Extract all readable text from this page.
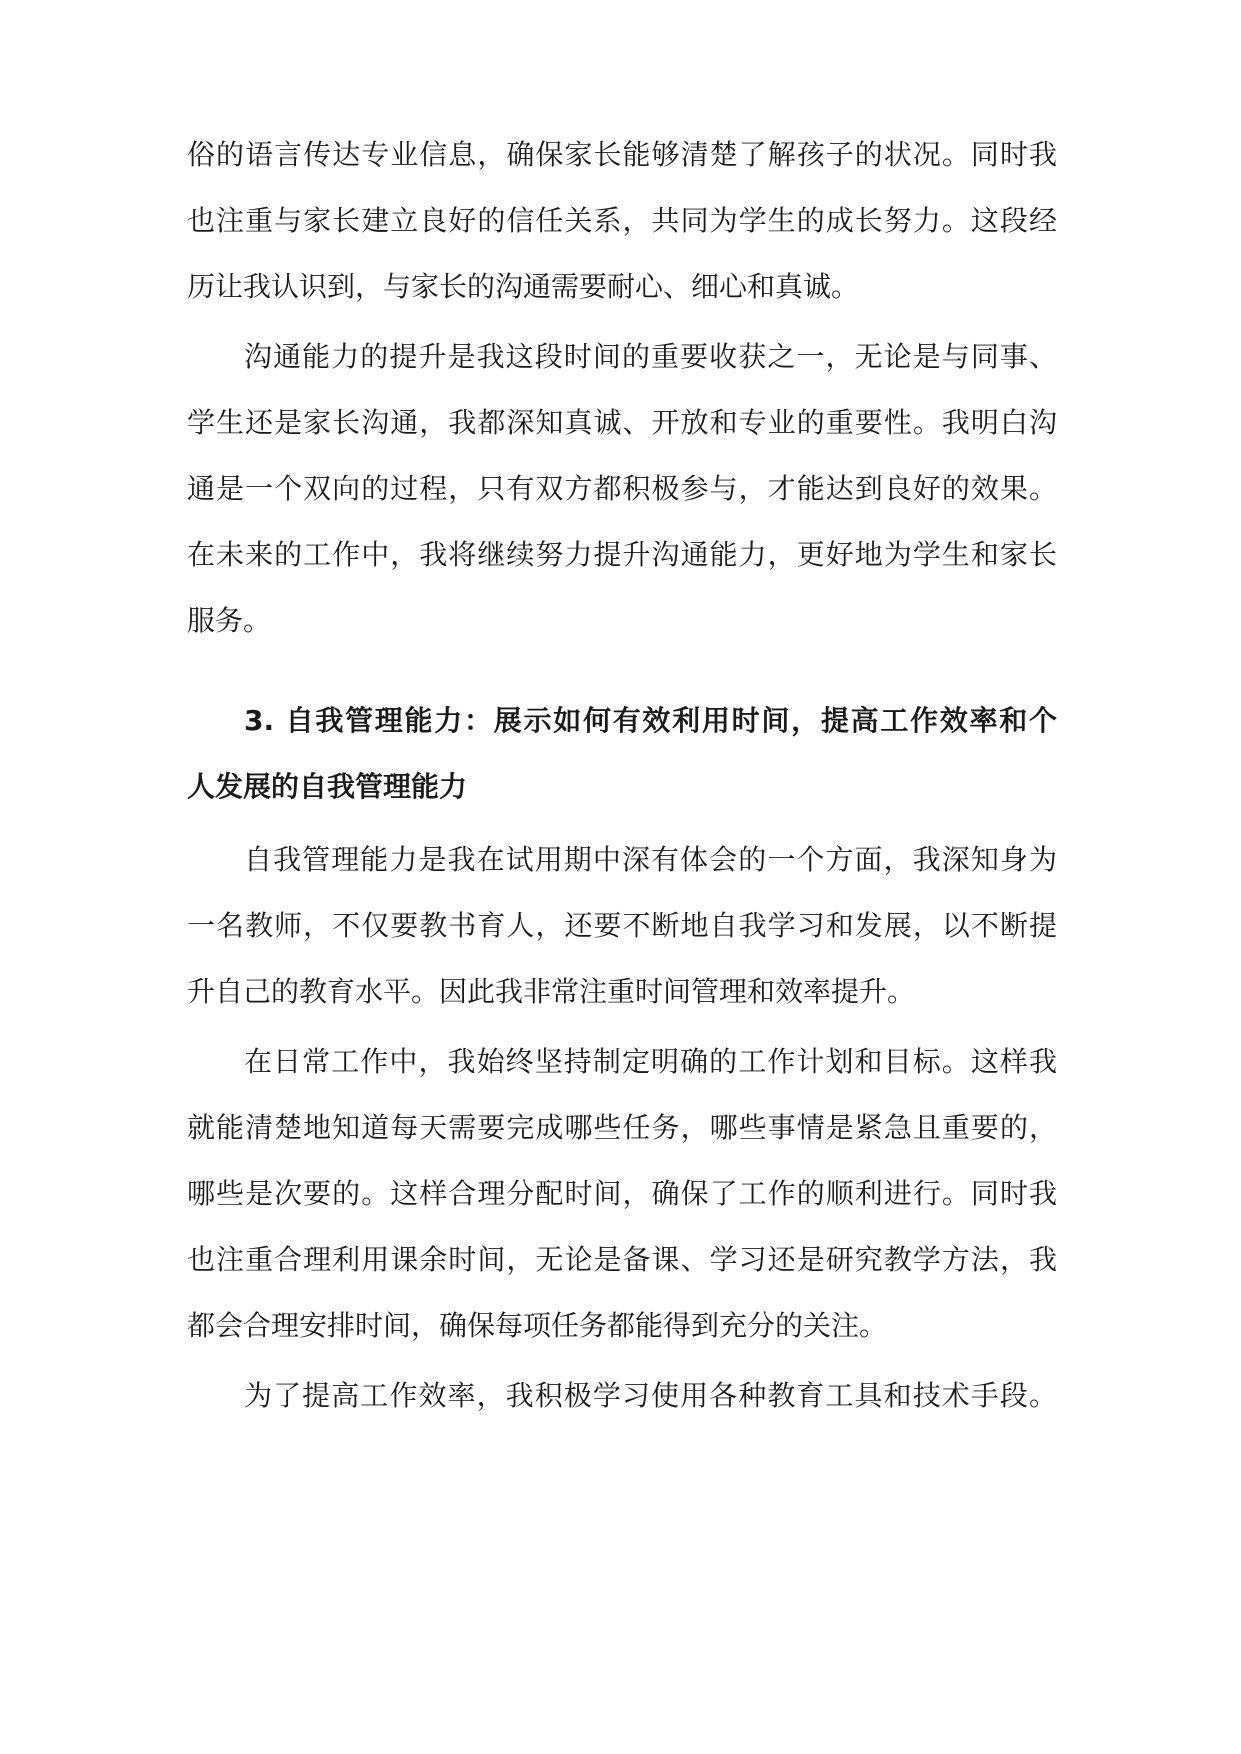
俗的语言传达专业信息，确保家长能够清楚了解孩子的状况。同时我
也注重与家长建立良好的信任关系，共同为学生的成长努力。这段经
历让我认识到，与家长的沟通需要耐心、细心和真诚。
沟通能力的提升是我这段时间的重要收获之一，无论是与同事、
学生还是家长沟通，我都深知真诚、开放和专业的重要性。我明白沟
通是一个双向的过程，只有双方都积极参与，才能达到良好的效果。
在未来的工作中，我将继续努力提升沟通能力，更好地为学生和家长
服务。
3. 自我管理能力：展示如何有效利用时间，提高工作效率和个
人发展的自我管理能力
自我管理能力是我在试用期中深有体会的一个方面，我深知身为
一名教师，不仅要教书育人，还要不断地自我学习和发展，以不断提
升自己的教育水平。因此我非常注重时间管理和效率提升。
在日常工作中，我始终坚持制定明确的工作计划和目标。这样我
就能清楚地知道每天需要完成哪些任务，哪些事情是紧急且重要的，
哪些是次要的。这样合理分配时间，确保了工作的顺利进行。同时我
也注重合理利用课余时间，无论是备课、学习还是研究教学方法，我
都会合理安排时间，确保每项任务都能得到充分的关注。
为了提高工作效率，我积极学习使用各种教育工具和技术手段。
